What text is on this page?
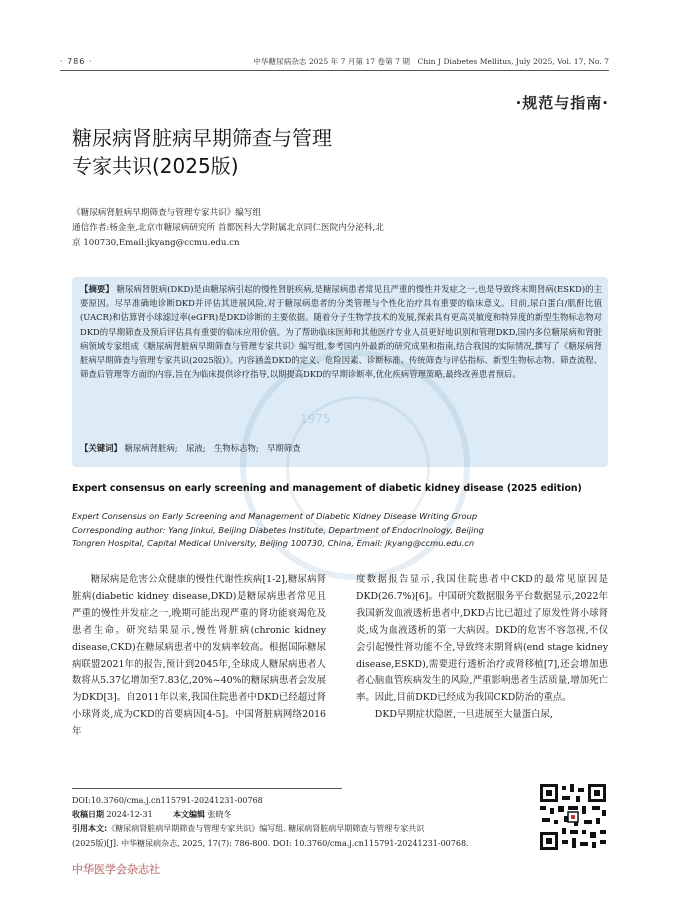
· 786 ·	中华糖尿病杂志 2025 年 7 月第 17 卷第 7 期　Chin J Diabetes Mellitus, July 2025, Vol. 17, No. 7
·规范与指南·
糖尿病肾脏病早期筛查与管理
专家共识(2025版)
《糖尿病肾脏病早期筛查与管理专家共识》编写组
通信作者:杨金奎,北京市糖尿病研究所 首都医科大学附属北京同仁医院内分泌科,北
京 100730,Email:jkyang@ccmu.edu.cn
1975
【摘要】 糖尿病肾脏病(DKD)是由糖尿病引起的慢性肾脏疾病,是糖尿病患者常见且严重的慢性并发症之一,也是导致终末期肾病(ESKD)的主要原因。尽早准确地诊断DKD并评估其进展风险,对于糖尿病患者的分类管理与个性化治疗具有重要的临床意义。目前,尿白蛋白/肌酐比值(UACR)和估算肾小球滤过率(eGFR)是DKD诊断的主要依据。随着分子生物学技术的发展,探索具有更高灵敏度和特异度的新型生物标志物对DKD的早期筛查及预后评估具有重要的临床应用价值。为了帮助临床医师和其他医疗专业人员更好地识别和管理DKD,国内多位糖尿病和肾脏病领域专家组成《糖尿病肾脏病早期筛查与管理专家共识》编写组,参考国内外最新的研究成果和指南,结合我国的实际情况,撰写了《糖尿病肾脏病早期筛查与管理专家共识(2025版)》。内容涵盖DKD的定义、危险因素、诊断标准、传统筛查与评估指标、新型生物标志物、筛查流程、筛查后管理等方面的内容,旨在为临床提供诊疗指导,以期提高DKD的早期诊断率,优化疾病管理策略,最终改善患者预后。
【关键词】 糖尿病肾脏病;　尿液;　生物标志物;　早期筛查
Expert consensus on early screening and management of diabetic kidney disease (2025 edition)
Expert Consensus on Early Screening and Management of Diabetic Kidney Disease Writing Group
Corresponding author: Yang Jinkui, Beijing Diabetes Institute, Department of Endocrinology, Beijing
Tongren Hospital, Capital Medical University, Beijing 100730, China, Email: jkyang@ccmu.edu.cn

糖尿病是危害公众健康的慢性代谢性疾病[1-2],糖尿病肾脏病(diabetic kidney disease,DKD)是糖尿病患者常见且严重的慢性并发症之一,晚期可能出现严重的肾功能衰竭危及患者生命。研究结果显示,慢性肾脏病(chronic kidney disease,CKD)在糖尿病患者中的发病率较高。根据国际糖尿病联盟2021年的报告,预计到2045年,全球成人糖尿病患者人数将从5.37亿增加至7.83亿,20%~40%的糖尿病患者会发展为DKD[3]。自2011年以来,我国住院患者中DKD已经超过肾小球肾炎,成为CKD的首要病因[4-5]。中国肾脏病网络2016年

度数据报告显示,我国住院患者中CKD的最常见原因是DKD(26.7%)[6]。中国研究数据服务平台数据显示,2022年我国新发血液透析患者中,DKD占比已超过了原发性肾小球肾炎,成为血液透析的第一大病因。DKD的危害不容忽视,不仅会引起慢性肾功能不全,导致终末期肾病(end stage kidney disease,ESKD),需要进行透析治疗或肾移植[7],还会增加患者心脑血管疾病发生的风险,严重影响患者生活质量,增加死亡率。因此,目前DKD已经成为我国CKD防治的重点。

DKD早期症状隐匿,一旦进展至大量蛋白尿,

DOI:10.3760/cma.j.cn115791-20241231-00768
收稿日期 2024-12-31	本文编辑 张晓冬
引用本文:《糖尿病肾脏病早期筛查与管理专家共识》编写组. 糖尿病肾脏病早期筛查与管理专家共识
(2025版)[J]. 中华糖尿病杂志, 2025, 17(7): 786-800. DOI: 10.3760/cma.j.cn115791-20241231-00768.
中华医学会杂志社
